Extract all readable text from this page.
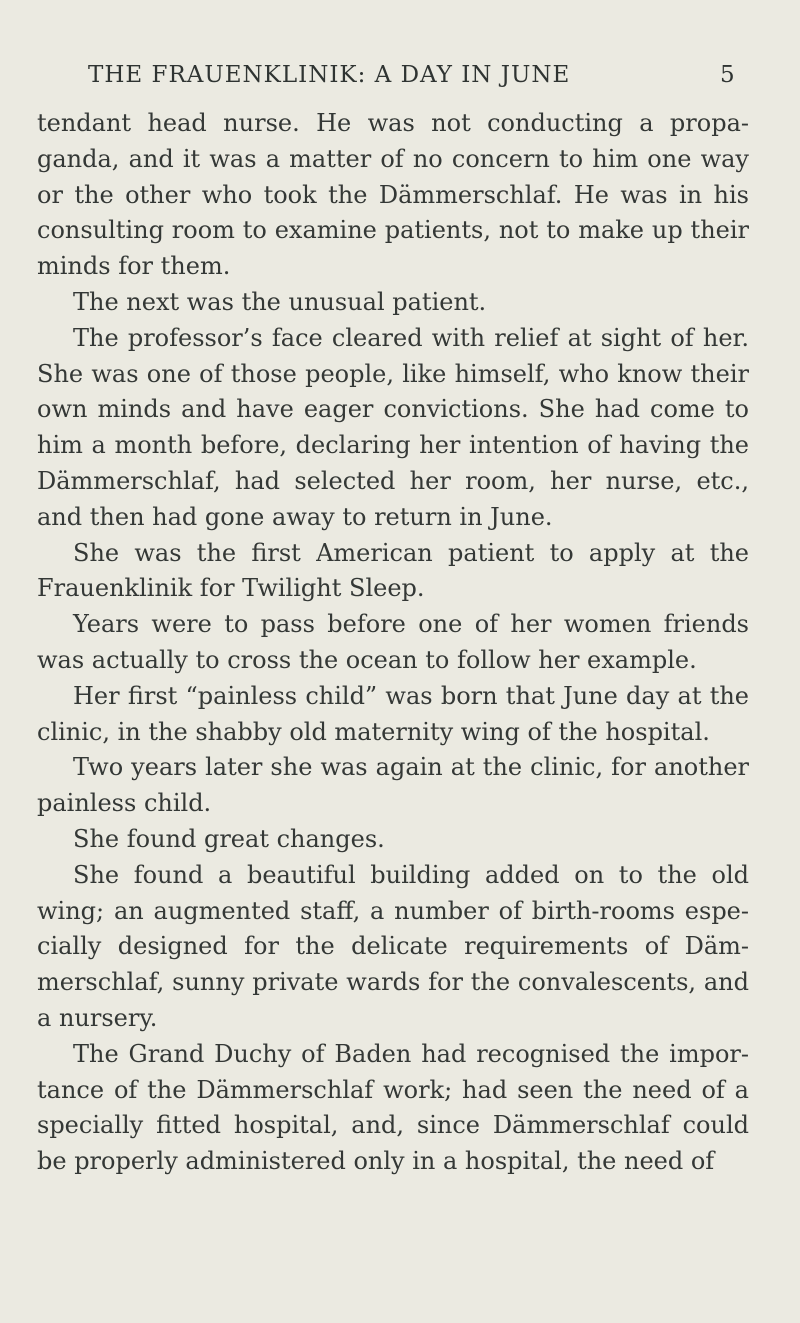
THE FRAUENKLINIK: A DAY IN JUNE	5

tendant head nurse. He was not conducting a propaganda, and it was a matter of no concern to him one way or the other who took the Dämmerschlaf. He was in his consulting room to examine patients, not to make up their minds for them.

The next was the unusual patient.

The professor’s face cleared with relief at sight of her. She was one of those people, like himself, who know their own minds and have eager convictions. She had come to him a month before, declaring her intention of having the Dämmerschlaf, had selected her room, her nurse, etc., and then had gone away to return in June.

She was the first American patient to apply at the Frauenklinik for Twilight Sleep.

Years were to pass before one of her women friends was actually to cross the ocean to follow her example.

Her first “painless child” was born that June day at the clinic, in the shabby old maternity wing of the hospital.

Two years later she was again at the clinic, for another painless child.

She found great changes.

She found a beautiful building added on to the old wing; an augmented staff, a number of birth-rooms especially designed for the delicate requirements of Dämmerschlaf, sunny private wards for the convalescents, and a nursery.

The Grand Duchy of Baden had recognised the importance of the Dämmerschlaf work; had seen the need of a specially fitted hospital, and, since Dämmerschlaf could be properly administered only in a hospital, the need of
